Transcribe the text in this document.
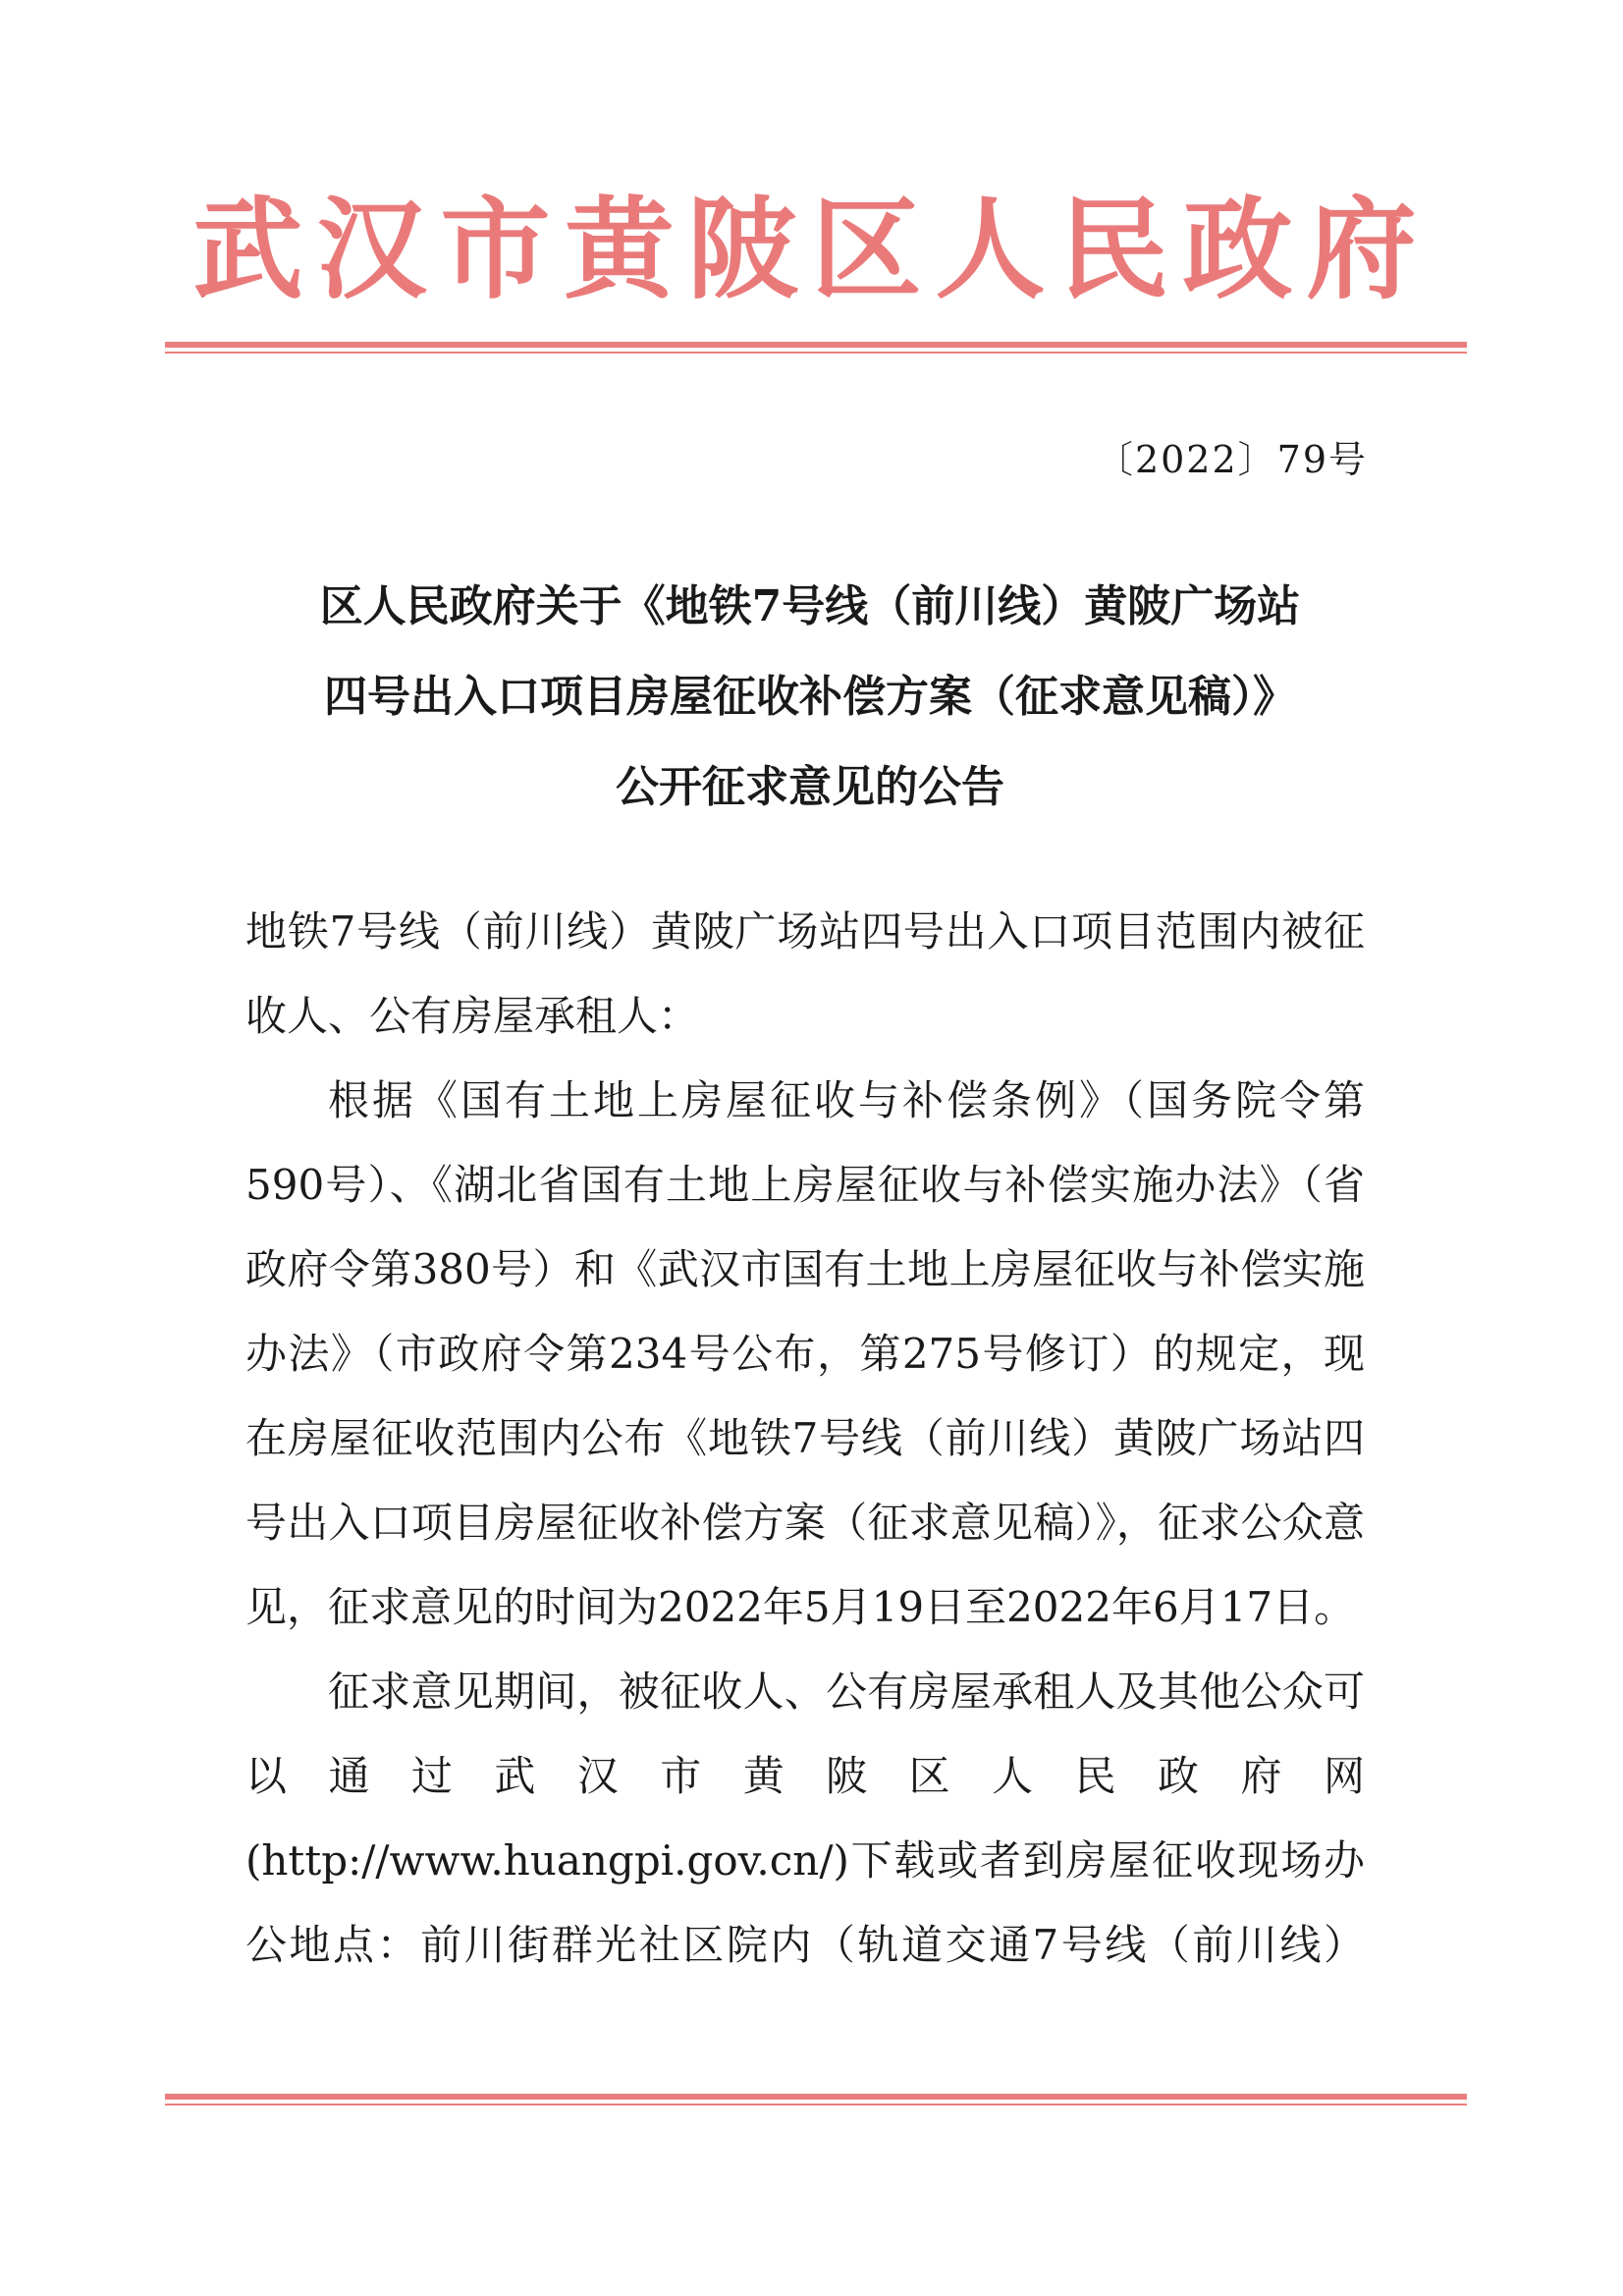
武汉市黄陂区人民政府
〔2022〕79号
区人民政府关于《地铁7号线（前川线）黄陂广场站
四号出入口项目房屋征收补偿方案（征求意见稿）》
公开征求意见的公告

地铁7号线（前川线）黄陂广场站四号出入口项目范围内被征收人、公有房屋承租人：

根据《国有土地上房屋征收与补偿条例》（国务院令第590号）、《湖北省国有土地上房屋征收与补偿实施办法》（省政府令第380号）和《武汉市国有土地上房屋征收与补偿实施办法》（市政府令第234号公布，第275号修订）的规定，现在房屋征收范围内公布《地铁7号线（前川线）黄陂广场站四号出入口项目房屋征收补偿方案（征求意见稿）》，征求公众意见，征求意见的时间为2022年5月19日至2022年6月17日。

征求意见期间，被征收人、公有房屋承租人及其他公众可以通过武汉市黄陂区人民政府网(http://www.huangpi.gov.cn/)下载或者到房屋征收现场办公地点：前川街群光社区院内（轨道交通7号线（前川线）
